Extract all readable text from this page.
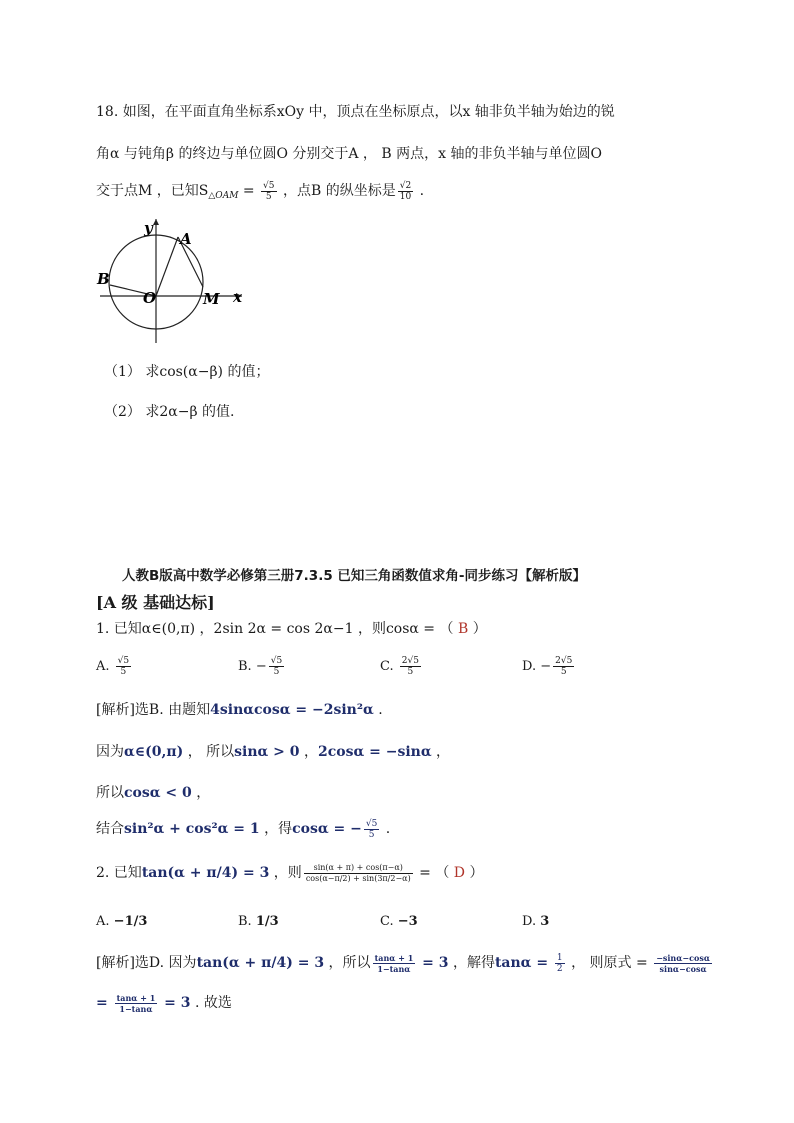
18. 如图，在平面直角坐标系xOy 中，顶点在坐标原点，以x 轴非负半轴为始边的锐
角α 与钝角β 的终边与单位圆O 分别交于A ， B 两点，x 轴的非负半轴与单位圆O
交于点M ，已知$S_{\triangle OAM} = \frac{√5}{5}$ ，点B 的纵坐标是 $\frac{√2}{10}$ .
y
A
B
O	M x
（1） 求cos(α−β) 的值；
（2） 求2α−β 的值.
人教B版高中数学必修第三册7.3.5 已知三角函数值求角-同步练习【解析版】
[A 级 基础达标]
1. 已知α∈(0,π) ，2sin 2α = cos 2α−1 ，则cosα = （ B ）
A. $\frac{√5}{5}$	B. − $\frac{√5}{5}$	C. $\frac{2√5}{5}$	D. − $\frac{2√5}{5}$
[解析]选B. 由题知4sinαcosα = −2sin²α .
因为α∈(0,π) ， 所以sinα > 0 ，2cosα = −sinα ，
所以cosα < 0 ，
结合sin²α + cos²α = 1 ，得cosα = − $\frac{√5}{5}$ .
2. 已知tan(α + π/4) = 3 ，则 $\frac{\sin(\alpha + \pi) + \cos(\pi-\alpha)}{\cos(\alpha-\pi/2) + \sin(3\pi/2-\alpha)}$ = （ D ）
A. −1/3	B. 1/3	C. −3	D. 3
[解析]选D. 因为tan(α + π/4) = 3 ，所以 $\frac{\tan\alpha + 1}{1-\tan\alpha} = 3$ ，解得$\tan\alpha = \frac{1}{2}$ ， 则原式 = $\frac{-\sin\alpha-\cos\alpha}{\sin\alpha-\cos\alpha}$
= $\frac{\tan\alpha + 1}{1-\tan\alpha} = 3$ . 故选
